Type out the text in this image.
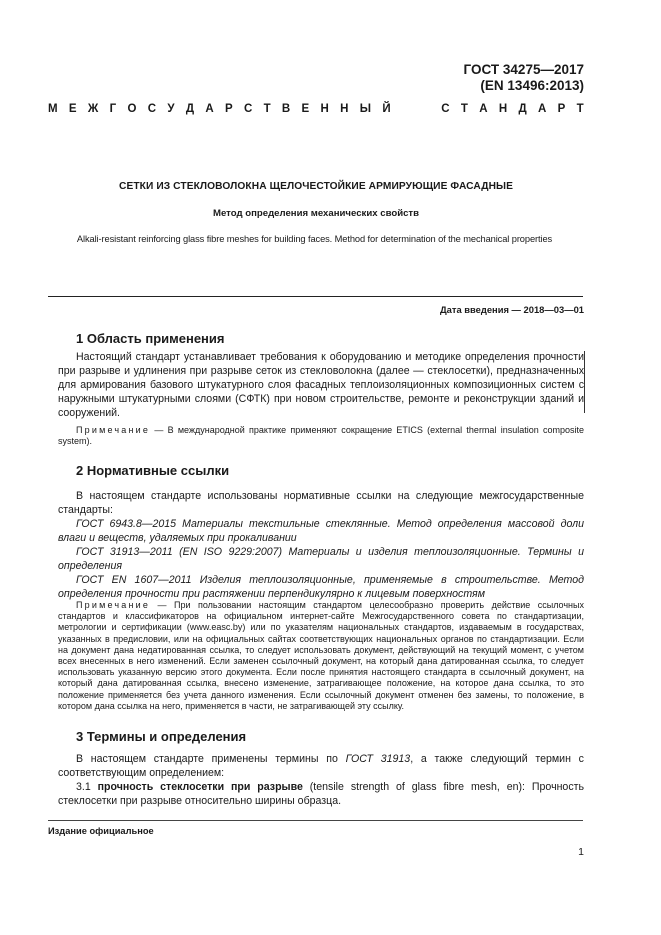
ГОСТ 34275—2017
(EN 13496:2013)
М Е Ж Г О С У Д А Р С Т В Е Н Н Ы Й	С Т А Н Д А Р Т
СЕТКИ ИЗ СТЕКЛОВОЛОКНА ЩЕЛОЧЕСТОЙКИЕ АРМИРУЮЩИЕ ФАСАДНЫЕ
Метод определения механических свойств
Alkali-resistant reinforcing glass fibre meshes for building faces. Method for determination of the mechanical properties
Дата введения — 2018—03—01
1 Область применения

Настоящий стандарт устанавливает требования к оборудованию и методике определения прочности при разрыве и удлинения при разрыве сеток из стекловолокна (далее — стеклосетки), предназначенных для армирования базового штукатурного слоя фасадных теплоизоляционных композиционных систем с наружными штукатурными слоями (СФТК) при новом строительстве, ремонте и реконструкции зданий и сооружений.

Примечание — В международной практике применяют сокращение ETICS (external thermal insulation composite system).

2 Нормативные ссылки

В настоящем стандарте использованы нормативные ссылки на следующие межгосударственные стандарты:

ГОСТ 6943.8—2015 Материалы текстильные стеклянные. Метод определения массовой доли влаги и веществ, удаляемых при прокаливании

ГОСТ 31913—2011 (EN ISO 9229:2007) Материалы и изделия теплоизоляционные. Термины и определения

ГОСТ EN 1607—2011 Изделия теплоизоляционные, применяемые в строительстве. Метод определения прочности при растяжении перпендикулярно к лицевым поверхностям

Примечание — При пользовании настоящим стандартом целесообразно проверить действие ссылочных стандартов и классификаторов на официальном интернет-сайте Межгосударственного совета по стандартизации, метрологии и сертификации (www.easc.by) или по указателям национальных стандартов, издаваемым в государствах, указанных в предисловии, или на официальных сайтах соответствующих национальных органов по стандартизации. Если на документ дана недатированная ссылка, то следует использовать документ, действующий на текущий момент, с учетом всех внесенных в него изменений. Если заменен ссылочный документ, на который дана датированная ссылка, то следует использовать указанную версию этого документа. Если после принятия настоящего стандарта в ссылочный документ, на который дана датированная ссылка, внесено изменение, затрагивающее положение, на которое дана ссылка, то это положение применяется без учета данного изменения. Если ссылочный документ отменен без замены, то положение, в котором дана ссылка на него, применяется в части, не затрагивающей эту ссылку.

3 Термины и определения

В настоящем стандарте применены термины по ГОСТ 31913, а также следующий термин с соответствующим определением:

3.1 прочность стеклосетки при разрыве (tensile strength of glass fibre mesh, en): Прочность стеклосетки при разрыве относительно ширины образца.

Издание официальное
1
